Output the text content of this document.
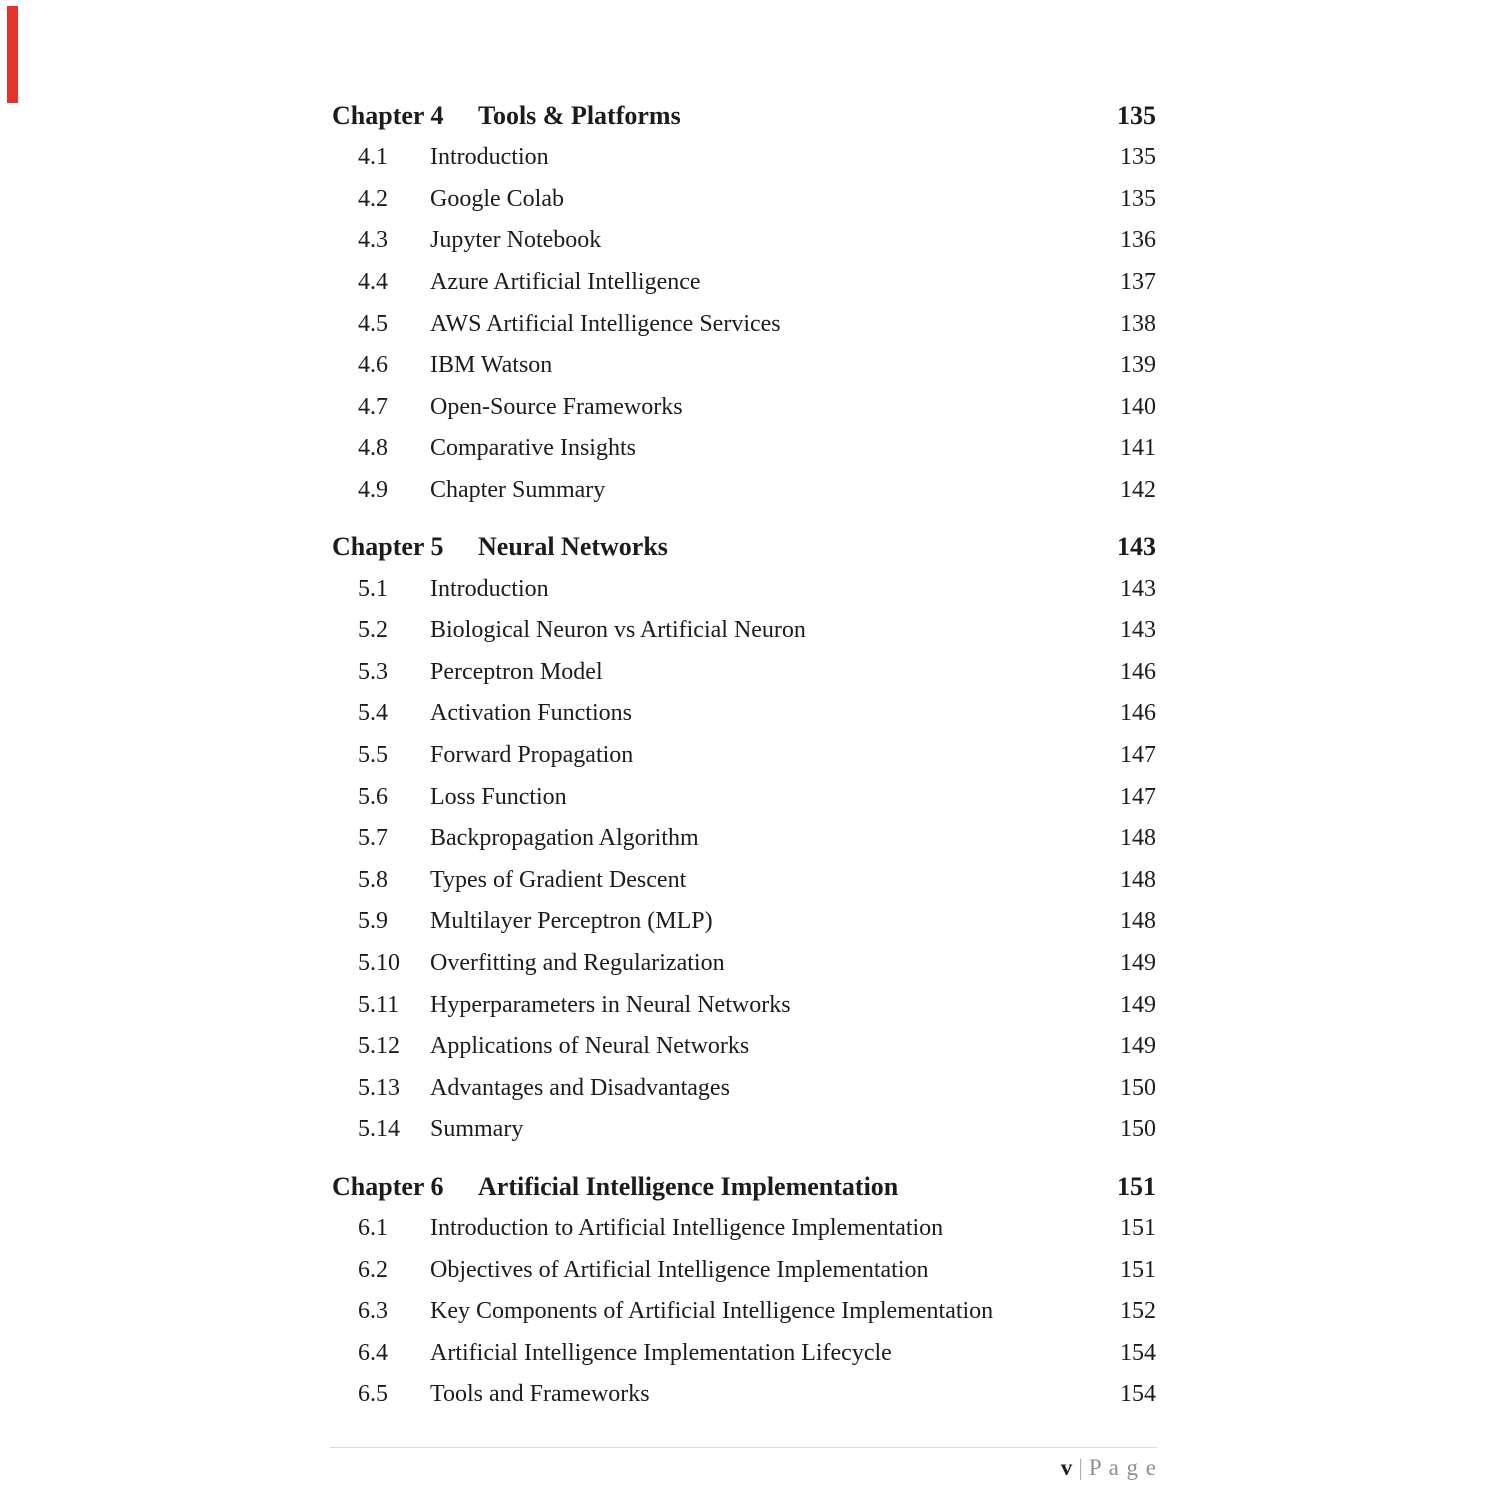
Chapter 4	Tools & Platforms	135
4.1	Introduction	135
4.2	Google Colab	135
4.3	Jupyter Notebook	136
4.4	Azure Artificial Intelligence	137
4.5	AWS Artificial Intelligence Services	138
4.6	IBM Watson	139
4.7	Open-Source Frameworks	140
4.8	Comparative Insights	141
4.9	Chapter Summary	142
Chapter 5	Neural Networks	143
5.1	Introduction	143
5.2	Biological Neuron vs Artificial Neuron	143
5.3	Perceptron Model	146
5.4	Activation Functions	146
5.5	Forward Propagation	147
5.6	Loss Function	147
5.7	Backpropagation Algorithm	148
5.8	Types of Gradient Descent	148
5.9	Multilayer Perceptron (MLP)	148
5.10	Overfitting and Regularization	149
5.11	Hyperparameters in Neural Networks	149
5.12	Applications of Neural Networks	149
5.13	Advantages and Disadvantages	150
5.14	Summary	150
Chapter 6	Artificial Intelligence Implementation	151
6.1	Introduction to Artificial Intelligence Implementation	151
6.2	Objectives of Artificial Intelligence Implementation	151
6.3	Key Components of Artificial Intelligence Implementation	152
6.4	Artificial Intelligence Implementation Lifecycle	154
6.5	Tools and Frameworks	154
v | P a g e
